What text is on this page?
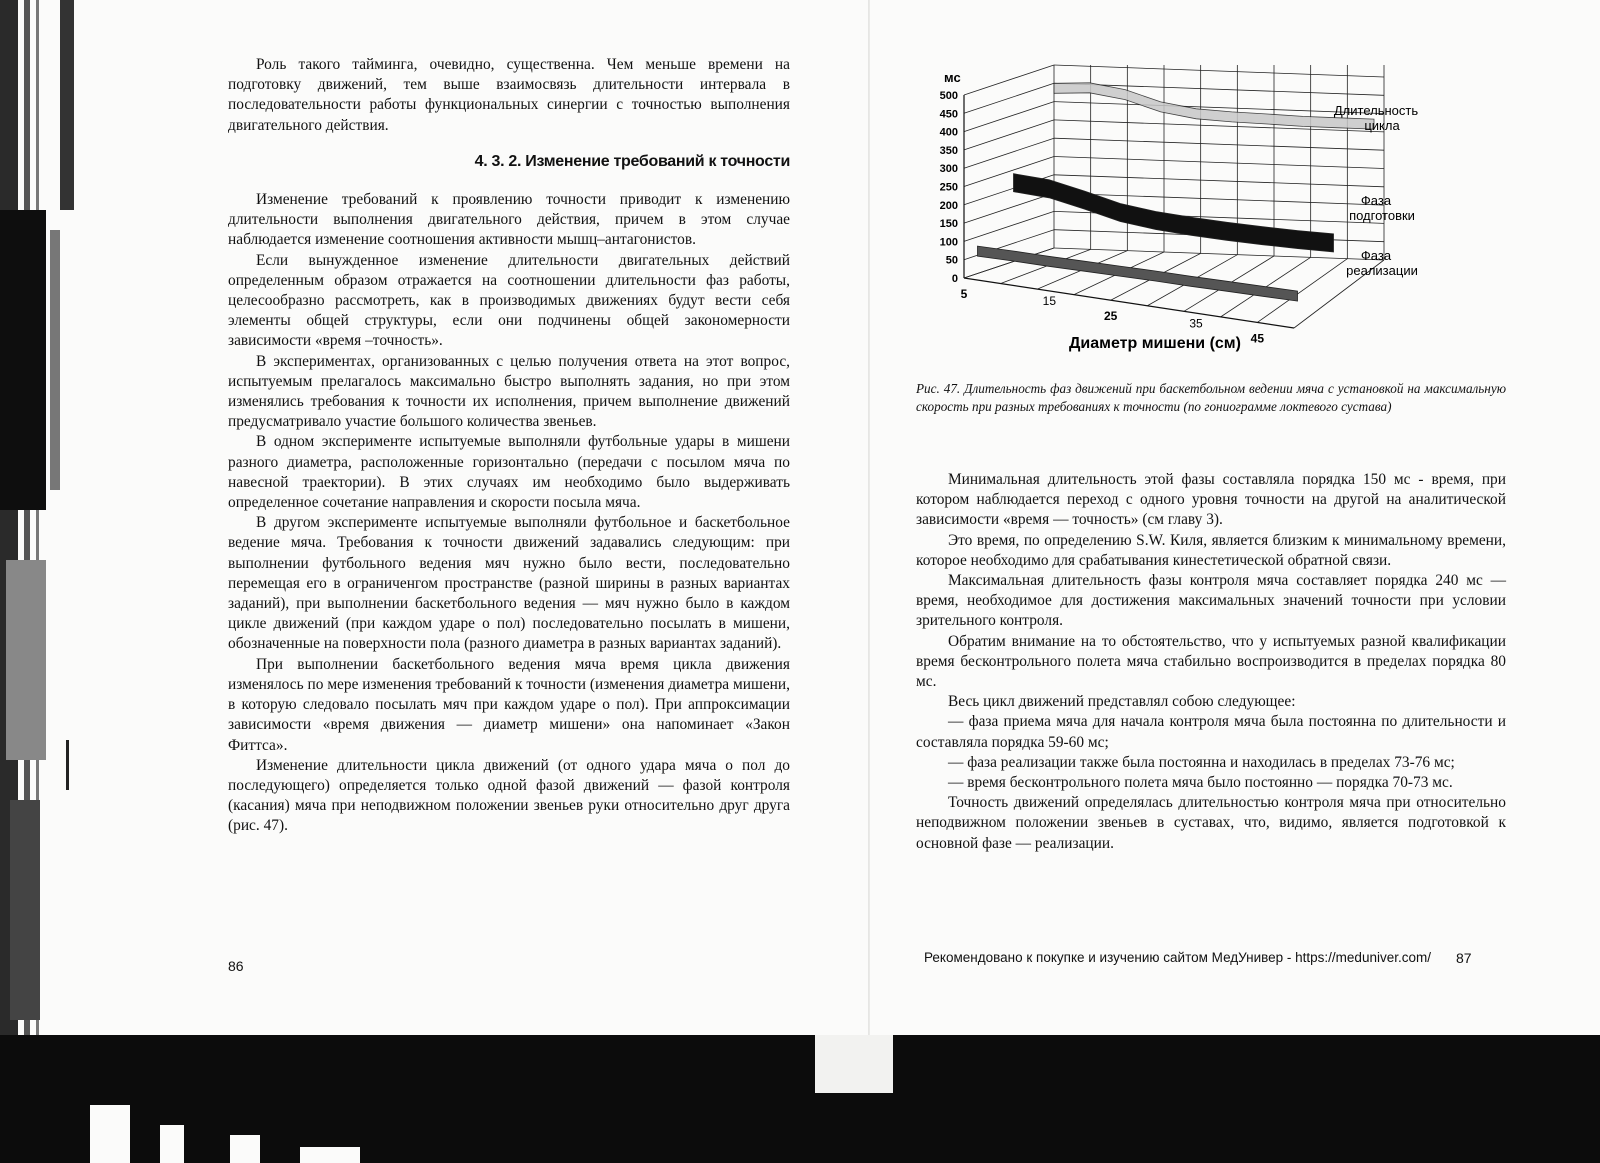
Роль такого тайминга, очевидно, существенна. Чем меньше времени на подготовку движений, тем выше взаимосвязь длительности интервала в последовательности работы функциональных синергии с точностью выполнения двигательного действия.

4. 3. 2. Изменение требований к точности

Изменение требований к проявлению точности приводит к изменению длительности выполнения двигательного действия, причем в этом случае наблюдается изменение соотношения активности мышц–антагонистов.

Если вынужденное изменение длительности двигательных действий определенным образом отражается на соотношении длительности фаз работы, целесообразно рассмотреть, как в производимых движениях будут вести себя элементы общей структуры, если они подчинены общей закономерности зависимости «время –точность».

В экспериментах, организованных с целью получения ответа на этот вопрос, испытуемым прелагалось максимально быстро выполнять задания, но при этом изменялись требования к точности их исполнения, причем выполнение движений предусматривало участие большого количества звеньев.

В одном эксперименте испытуемые выполняли футбольные удары в мишени разного диаметра, расположенные горизонтально (передачи с посылом мяча по навесной траектории). В этих случаях им необходимо было выдерживать определенное сочетание направления и скорости посыла мяча.

В другом эксперименте испытуемые выполняли футбольное и баскетбольное ведение мяча. Требования к точности движений задавались следующим: при выполнении футбольного ведения мяч нужно было вести, последовательно перемещая его в ограниченгом пространстве (разной ширины в разных вариантах заданий), при выполнении баскетбольного ведения — мяч нужно было в каждом цикле движений (при каждом ударе о пол) последовательно посылать в мишени, обозначенные на поверхности пола (разного диаметра в разных вариантах заданий).

При выполнении баскетбольного ведения мяча время цикла движения изменялось по мере изменения требований к точности (изменения диаметра мишени, в которую следовало посылать мяч при каждом ударе о пол). При аппроксимации зависимости «время движения — диаметр мишени» она напоминает «Закон Фиттса».

Изменение длительности цикла движений (от одного удара мяча о пол до последующего) определяется только одной фазой движений — фазой контроля (касания) мяча при неподвижном положении звеньев руки относительно друг друга (рис. 47).

86
0
50
100
150
200
250
300
350
400
450
500
мс
5
15
25
35
45
Диаметр мишени (см)
Длительность
цикла
Фаза
подготовки
Фаза
реализации
Рис. 47. Длительность фаз движений при баскетбольном ведении мяча с установкой на максимальную скорость при разных требованиях к точности (по гониограмме локтевого сустава)

Минимальная длительность этой фазы составляла порядка 150 мс - время, при котором наблюдается переход с одного уровня точности на другой на аналитической зависимости «время — точность» (см главу 3).

Это время, по определению S.W. Киля, является близким к минимальному времени, которое необходимо для срабатывания кинестетической обратной связи.

Максимальная длительность фазы контроля мяча составляет порядка 240 мс — время, необходимое для достижения максимальных значений точности при условии зрительного контроля.

Обратим внимание на то обстоятельство, что у испытуемых разной квалификации время бесконтрольного полета мяча стабильно воспроизводится в пределах порядка 80 мс.

Весь цикл движений представлял собою следующее:

— фаза приема мяча для начала контроля мяча была постоянна по длительности и составляла порядка 59-60 мс;

— фаза реализации также была постоянна и находилась в пределах 73-76 мс;

— время бесконтрольного полета мяча было постоянно — порядка 70-73 мс.

Точность движений определялась длительностью контроля мяча при относительно неподвижном положении звеньев в суставах, что, видимо, является подготовкой к основной фазе — реализации.

Рекомендовано к покупке и изучению сайтом МедУнивер - https://meduniver.com/ 87
